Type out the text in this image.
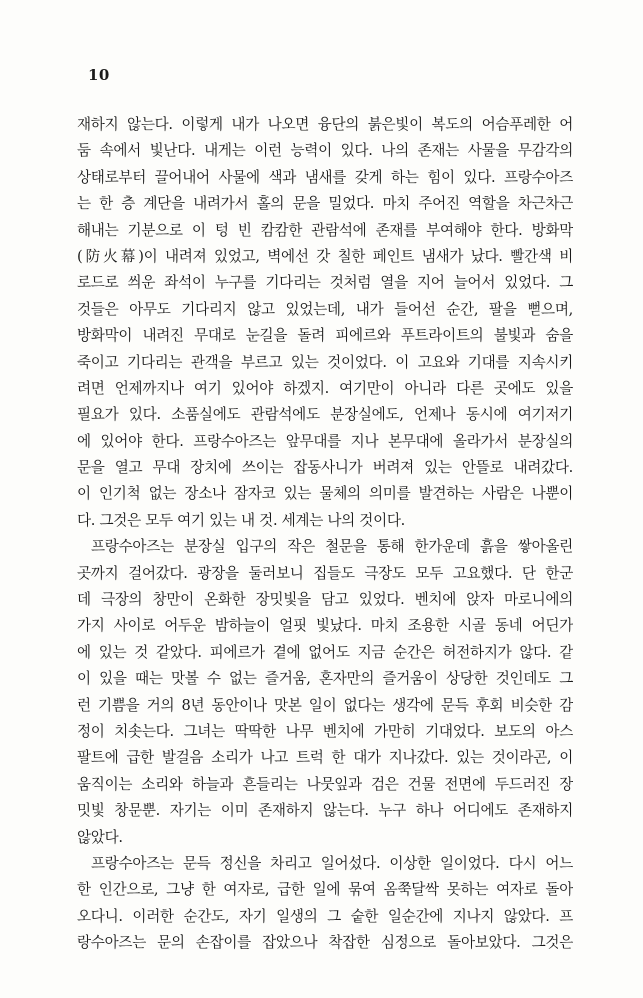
10
재하지 않는다. 이렇게 내가 나오면 융단의 붉은빛이 복도의 어슴푸레한 어
둠 속에서 빛난다. 내게는 이런 능력이 있다. 나의 존재는 사물을 무감각의
상태로부터 끌어내어 사물에 색과 냄새를 갖게 하는 힘이 있다. 프랑수아즈
는 한 층 계단을 내려가서 홀의 문을 밀었다. 마치 주어진 역할을 차근차근
해내는 기분으로 이 텅 빈 캄캄한 관람석에 존재를 부여해야 한다. 방화막
(防火幕)이 내려져 있었고, 벽에선 갓 칠한 페인트 냄새가 났다. 빨간색 비
로드로 씌운 좌석이 누구를 기다리는 것처럼 열을 지어 늘어서 있었다. 그
것들은 아무도 기다리지 않고 있었는데, 내가 들어선 순간, 팔을 뻗으며,
방화막이 내려진 무대로 눈길을 돌려 피에르와 푸트라이트의 불빛과 숨을
죽이고 기다리는 관객을 부르고 있는 것이었다. 이 고요와 기대를 지속시키
려면 언제까지나 여기 있어야 하겠지. 여기만이 아니라 다른 곳에도 있을
필요가 있다. 소품실에도 관람석에도 분장실에도, 언제나 동시에 여기저기
에 있어야 한다. 프랑수아즈는 앞무대를 지나 본무대에 올라가서 분장실의
문을 열고 무대 장치에 쓰이는 잡동사니가 버려져 있는 안뜰로 내려갔다.
이 인기척 없는 장소나 잠자코 있는 물체의 의미를 발견하는 사람은 나뿐이
다. 그것은 모두 여기 있는 내 것. 세계는 나의 것이다.
프랑수아즈는 분장실 입구의 작은 철문을 통해 한가운데 흙을 쌓아올린
곳까지 걸어갔다. 광장을 둘러보니 집들도 극장도 모두 고요했다. 단 한군
데 극장의 창만이 온화한 장밋빛을 담고 있었다. 벤치에 앉자 마로니에의
가지 사이로 어두운 밤하늘이 얼핏 빛났다. 마치 조용한 시골 동네 어딘가
에 있는 것 같았다. 피에르가 곁에 없어도 지금 순간은 허전하지가 않다. 같
이 있을 때는 맛볼 수 없는 즐거움, 혼자만의 즐거움이 상당한 것인데도 그
런 기쁨을 거의 8년 동안이나 맛본 일이 없다는 생각에 문득 후회 비슷한 감
정이 치솟는다. 그녀는 딱딱한 나무 벤치에 가만히 기대었다. 보도의 아스
팔트에 급한 발걸음 소리가 나고 트럭 한 대가 지나갔다. 있는 것이라곤, 이
움직이는 소리와 하늘과 흔들리는 나뭇잎과 검은 건물 전면에 두드러진 장
밋빛 창문뿐. 자기는 이미 존재하지 않는다. 누구 하나 어디에도 존재하지
않았다.
프랑수아즈는 문득 정신을 차리고 일어섰다. 이상한 일이었다. 다시 어느
한 인간으로, 그냥 한 여자로, 급한 일에 묶여 옴쭉달싹 못하는 여자로 돌아
오다니. 이러한 순간도, 자기 일생의 그 숱한 일순간에 지나지 않았다. 프
랑수아즈는 문의 손잡이를 잡았으나 착잡한 심정으로 돌아보았다. 그것은
